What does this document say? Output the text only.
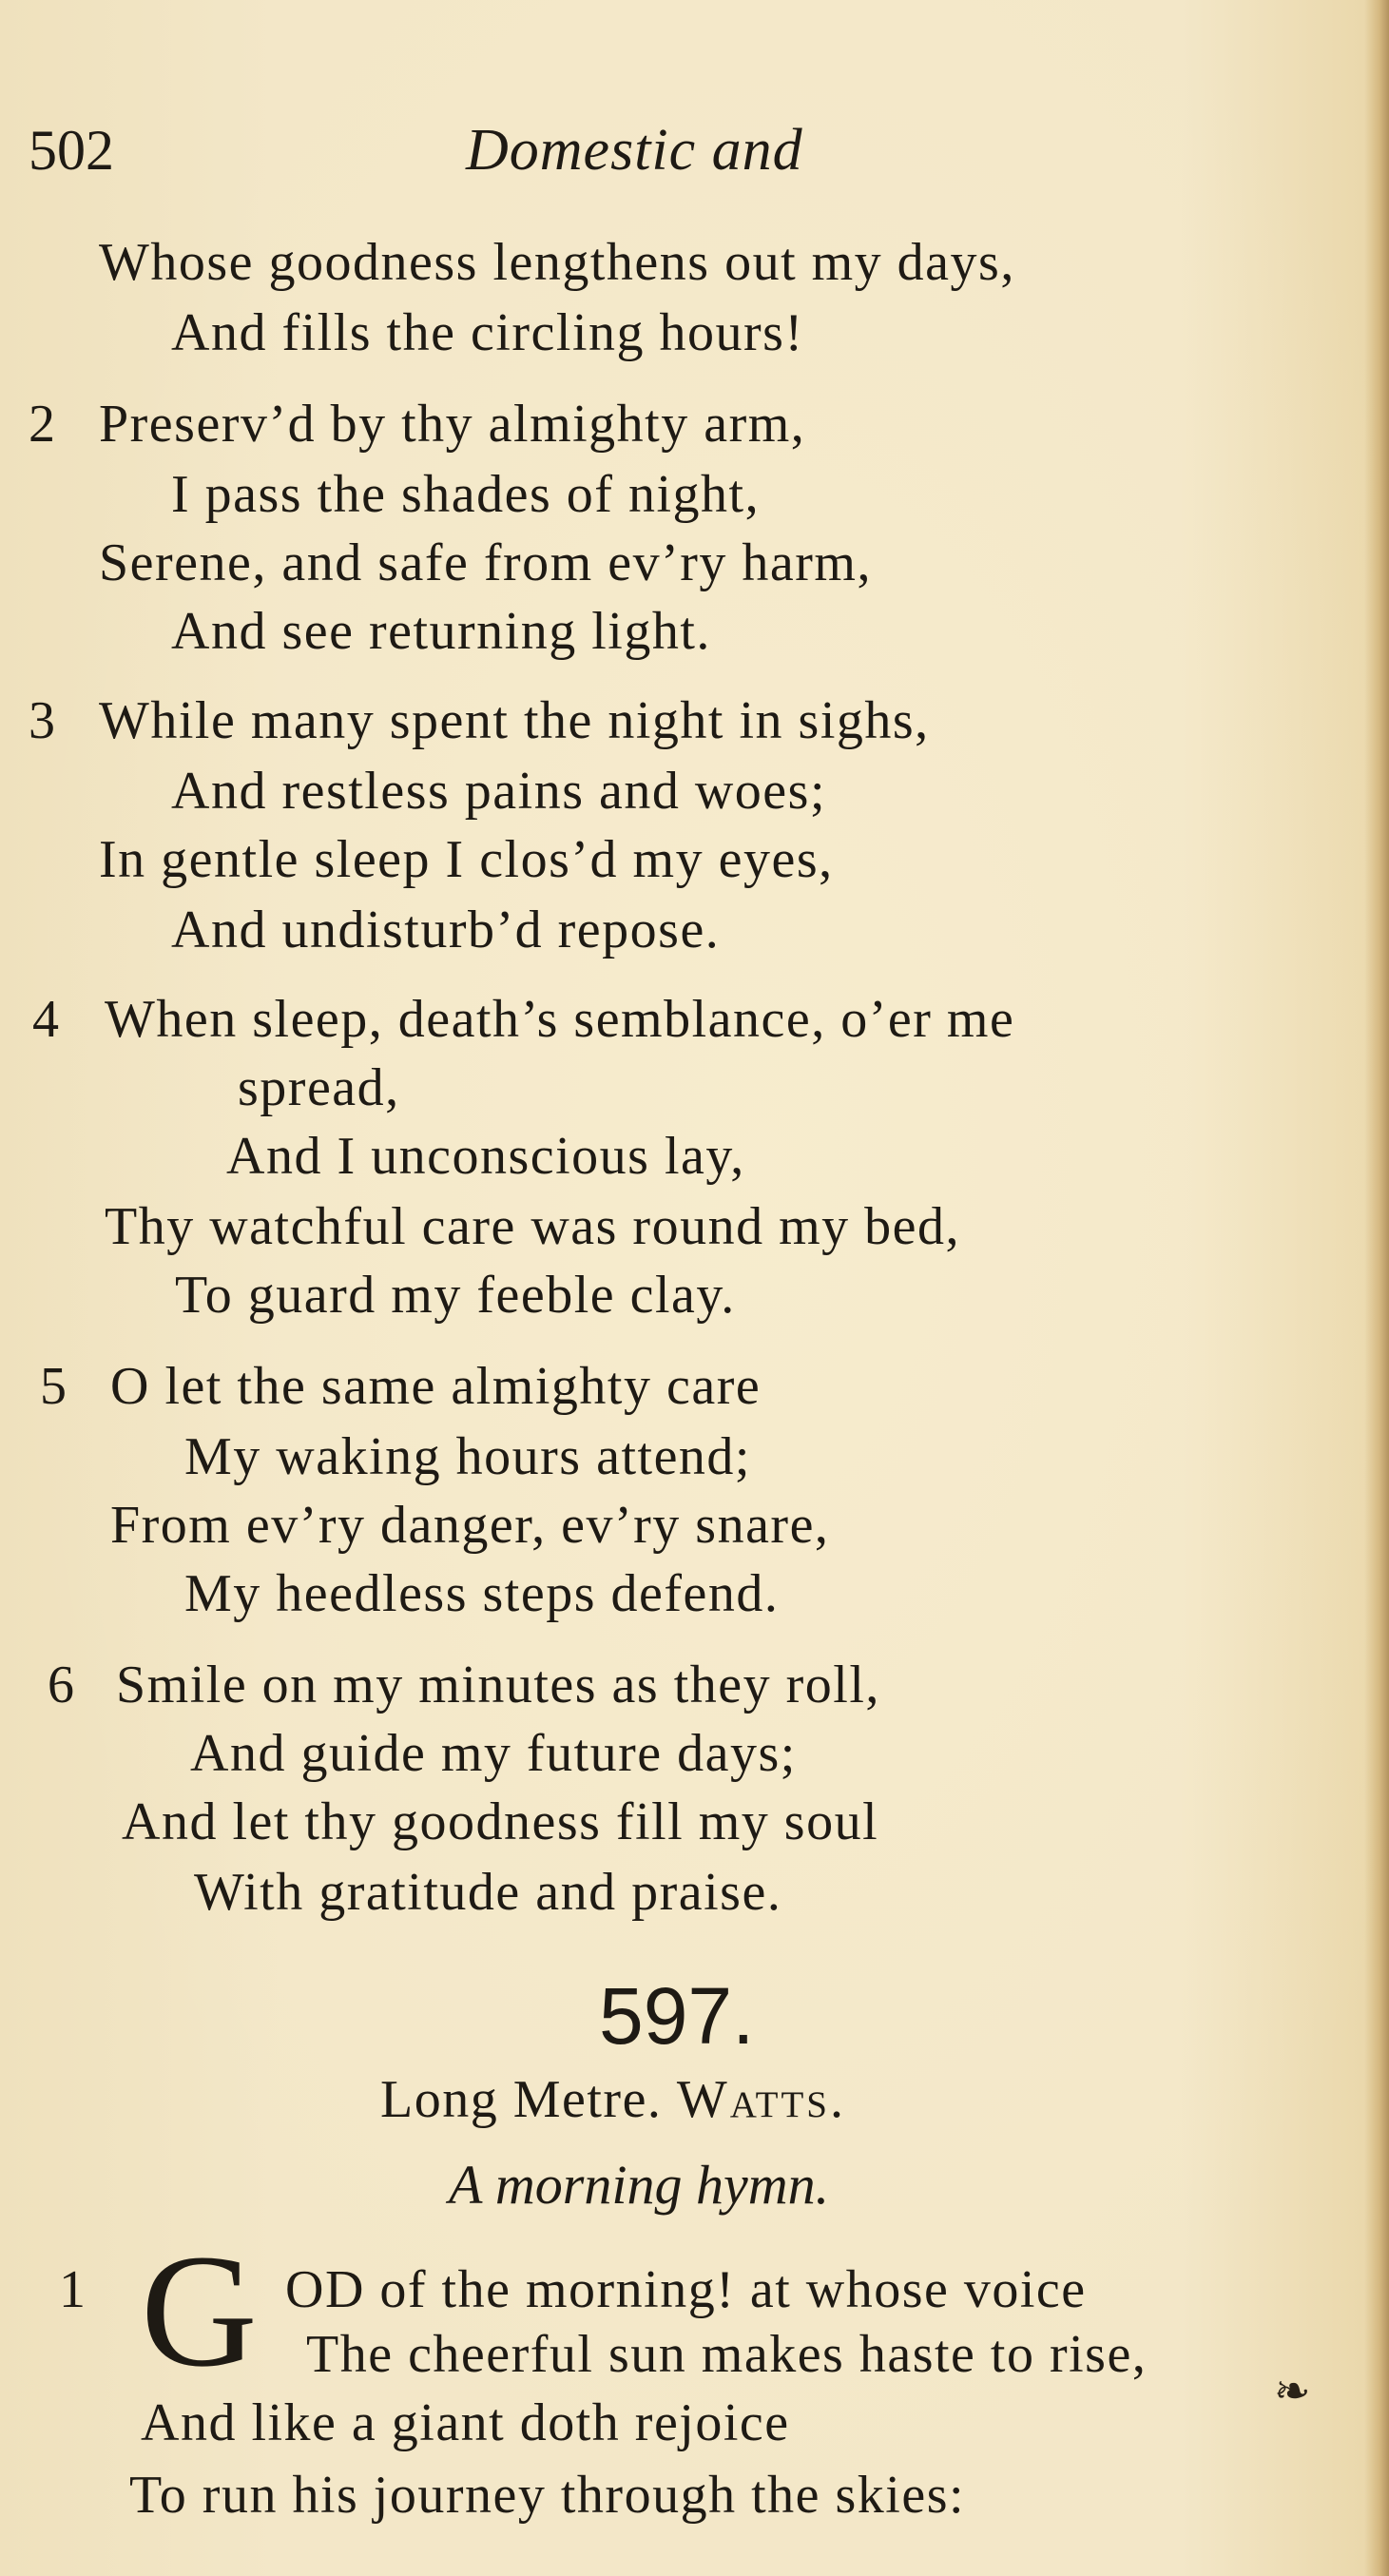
502	Domestic and
Whose goodness lengthens out my days,
And fills the circling hours!
2 Preserv’d by thy almighty arm,
I pass the shades of night,
Serene, and safe from ev’ry harm,
And see returning light.
3 While many spent the night in sighs,
And restless pains and woes;
In gentle sleep I clos’d my eyes,
And undisturb’d repose.
4 When sleep, death’s semblance, o’er me
spread,
And I unconscious lay,
Thy watchful care was round my bed,
To guard my feeble clay.
5 O let the same almighty care
My waking hours attend;
From ev’ry danger, ev’ry snare,
My heedless steps defend.
6 Smile on my minutes as they roll,
And guide my future days;
And let thy goodness fill my soul
With gratitude and praise.
597.
Long Metre. Watts.
A morning hymn.
1 G OD of the morning! at whose voice
The cheerful sun makes haste to rise,
And like a giant doth rejoice
To run his journey through the skies:
❧
